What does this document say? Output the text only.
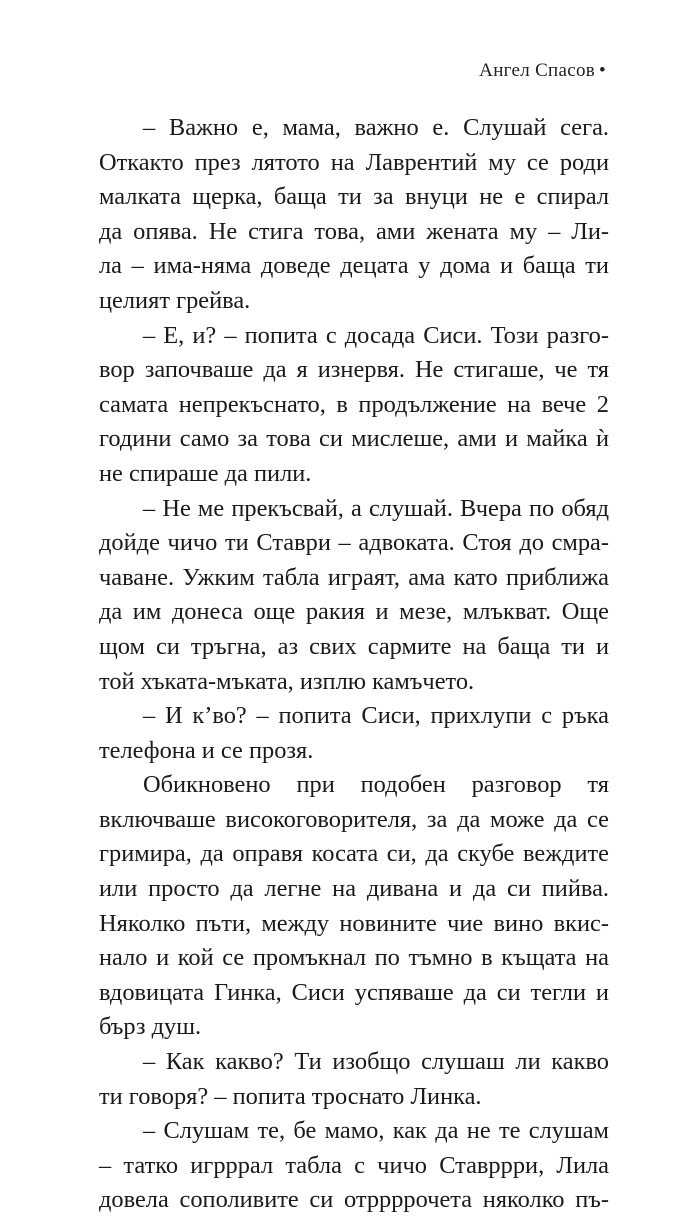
Ангел Спасов •
– Важно е, мама, важно е. Слушай сега.
Откакто през лятото на Лаврентий му се роди
малката щерка, баща ти за внуци не е спирал
да опява. Не стига това, ами жената му – Ли-
ла – има-няма доведе децата у дома и баща ти
целият грейва.
– Е, и? – попита с досада Сиси. Този разго-
вор започваше да я изнервя. Не стигаше, че тя
самата непрекъснато, в продължение на вече 2
години само за това си мислеше, ами и майка ѝ
не спираше да пили.
– Не ме прекъсвай, а слушай. Вчера по обяд
дойде чичо ти Ставри – адвоката. Стоя до смра-
чаване. Ужким табла играят, ама като приближа
да им донеса още ракия и мезе, млъкват. Още
щом си тръгна, аз свих сармите на баща ти и
той хъката-мъката, изплю камъчето.
– И к’во? – попита Сиси, прихлупи с ръка
телефона и се прозя.
Обикновено при подобен разговор тя
включваше високоговорителя, за да може да се
гримира, да оправя косата си, да скубе веждите
или просто да легне на дивана и да си пийва.
Няколко пъти, между новините чие вино вкис-
нало и кой се промъкнал по тъмно в къщата на
вдовицата Гинка, Сиси успяваше да си тегли и
бърз душ.
– Как какво? Ти изобщо слушаш ли какво
ти говоря? – попита троснато Линка.
– Слушам те, бе мамо, как да не те слушам
– татко игрррал табла с чичо Ставррри, Лила
довела сополивите си отррррочета няколко пъ-
